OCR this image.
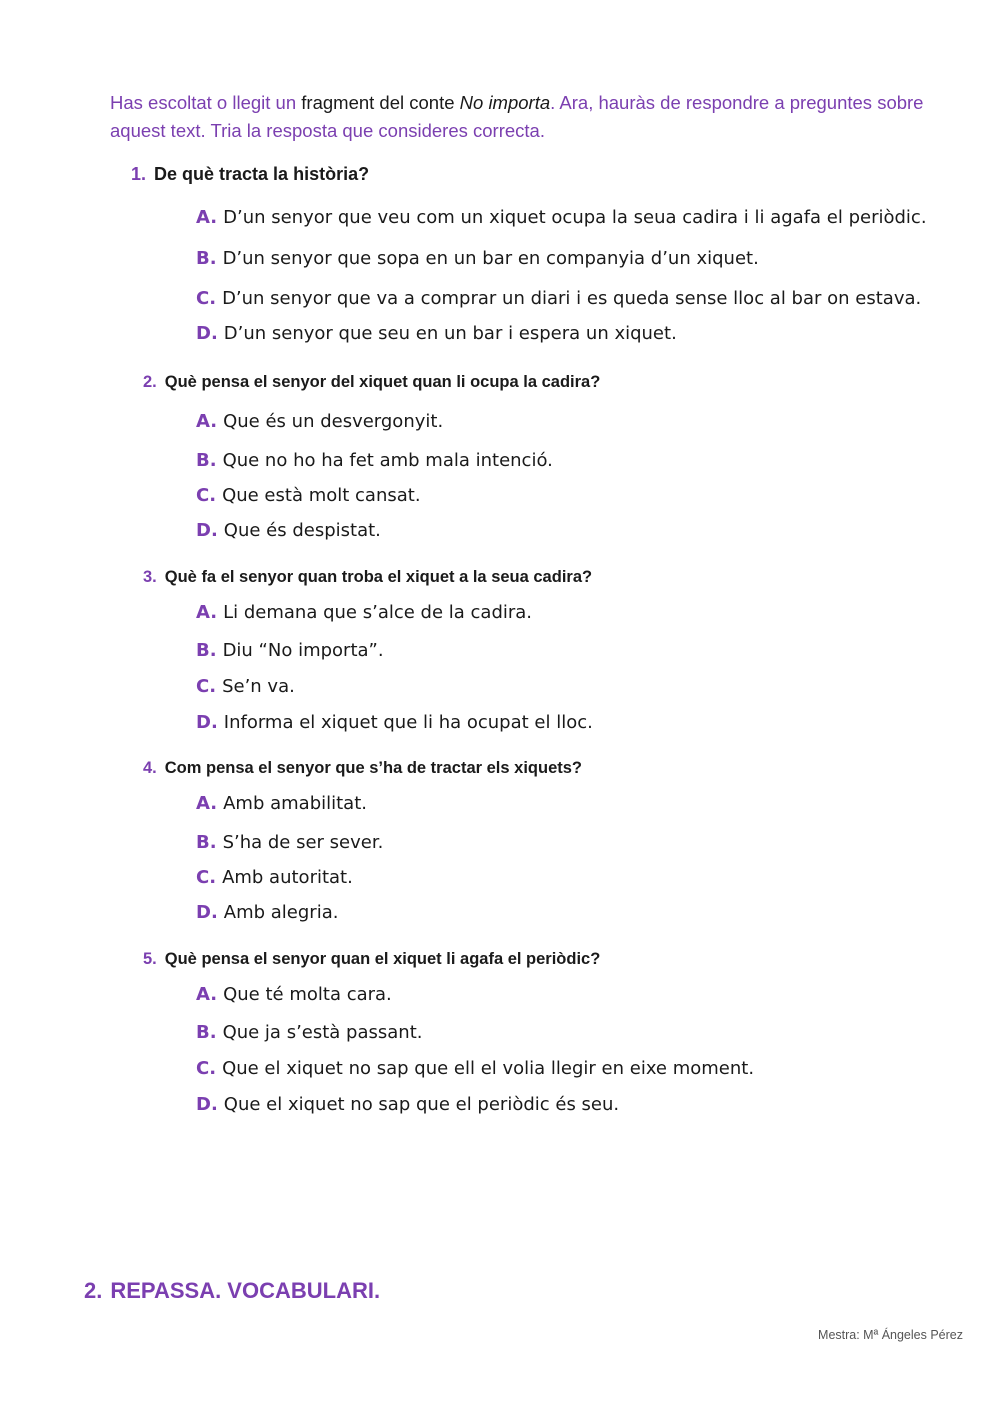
Has escoltat o llegit un fragment del conte No importa. Ara, hauràs de respondre a preguntes sobre aquest text. Tria la resposta que consideres correcta.
1. De què tracta la història?
A. D’un senyor que veu com un xiquet ocupa la seua cadira i li agafa el periòdic.
B. D’un senyor que sopa en un bar en companyia d’un xiquet.
C. D’un senyor que va a comprar un diari i es queda sense lloc al bar on estava.
D. D’un senyor que seu en un bar i espera un xiquet.
2. Què pensa el senyor del xiquet quan li ocupa la cadira?
A. Que és un desvergonyit.
B. Que no ho ha fet amb mala intenció.
C. Que està molt cansat.
D. Que és despistat.
3. Què fa el senyor quan troba el xiquet a la seua cadira?
A. Li demana que s’alce de la cadira.
B. Diu “No importa”.
C. Se’n va.
D. Informa el xiquet que li ha ocupat el lloc.
4. Com pensa el senyor que s’ha de tractar els xiquets?
A. Amb amabilitat.
B. S’ha de ser sever.
C. Amb autoritat.
D. Amb alegria.
5. Què pensa el senyor quan el xiquet li agafa el periòdic?
A. Que té molta cara.
B. Que ja s’està passant.
C. Que el xiquet no sap que ell el volia llegir en eixe moment.
D. Que el xiquet no sap que el periòdic és seu.
2. REPASSA. VOCABULARI.
Mestra: Mª Ángeles Pérez
